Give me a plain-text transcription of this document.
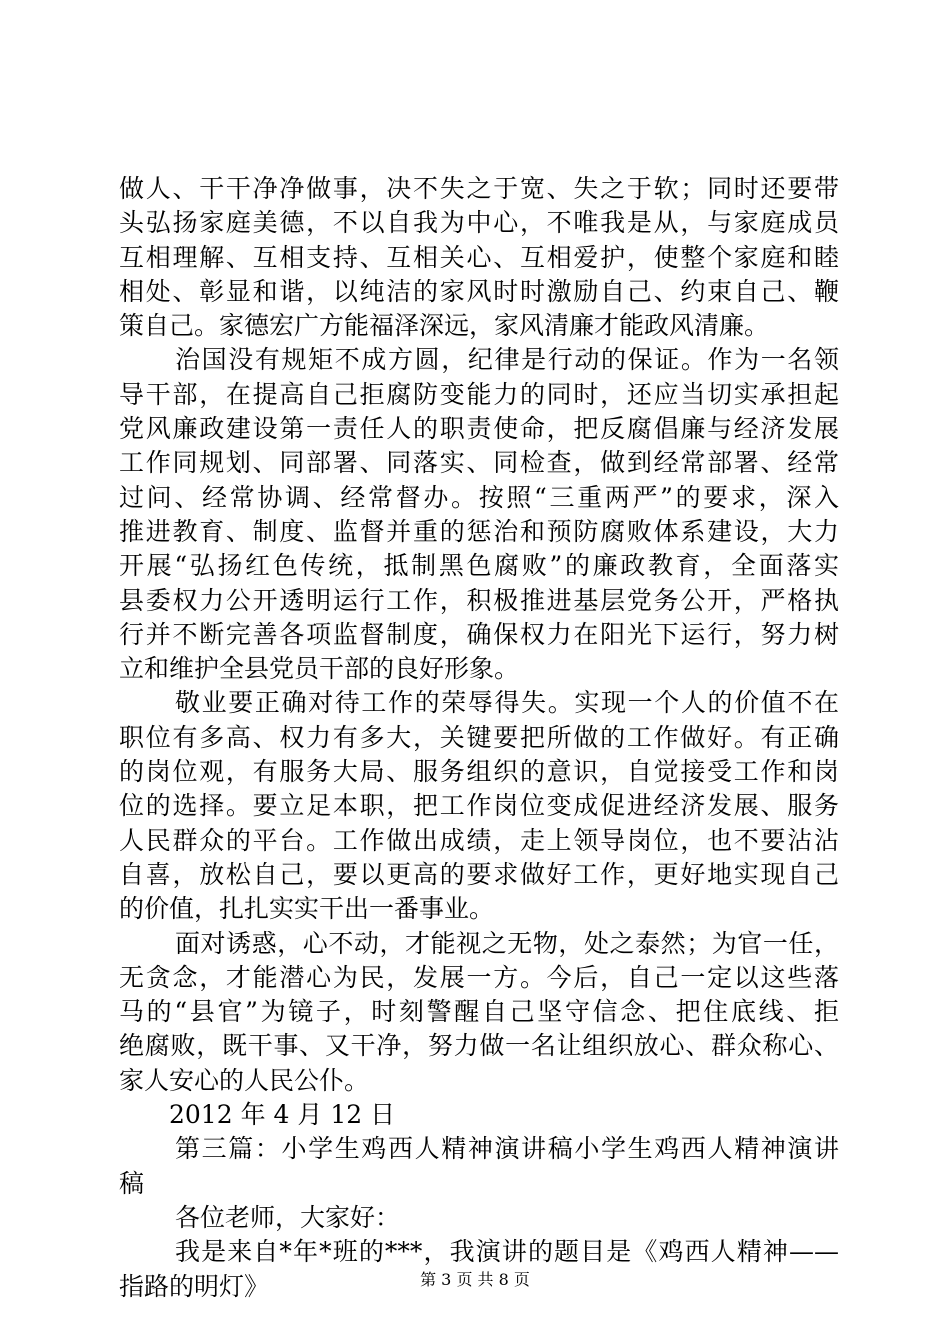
做人、干干净净做事，决不失之于宽、失之于软；同时还要带
头弘扬家庭美德，不以自我为中心，不唯我是从，与家庭成员
互相理解、互相支持、互相关心、互相爱护，使整个家庭和睦
相处、彰显和谐，以纯洁的家风时时激励自己、约束自己、鞭
策自己。家德宏广方能福泽深远，家风清廉才能政风清廉。
治国没有规矩不成方圆，纪律是行动的保证。作为一名领
导干部，在提高自己拒腐防变能力的同时，还应当切实承担起
党风廉政建设第一责任人的职责使命，把反腐倡廉与经济发展
工作同规划、同部署、同落实、同检查，做到经常部署、经常
过问、经常协调、经常督办。按照“三重两严”的要求，深入
推进教育、制度、监督并重的惩治和预防腐败体系建设，大力
开展“弘扬红色传统，抵制黑色腐败”的廉政教育，全面落实
县委权力公开透明运行工作，积极推进基层党务公开，严格执
行并不断完善各项监督制度，确保权力在阳光下运行，努力树
立和维护全县党员干部的良好形象。
敬业要正确对待工作的荣辱得失。实现一个人的价值不在
职位有多高、权力有多大，关键要把所做的工作做好。有正确
的岗位观，有服务大局、服务组织的意识，自觉接受工作和岗
位的选择。要立足本职，把工作岗位变成促进经济发展、服务
人民群众的平台。工作做出成绩，走上领导岗位，也不要沾沾
自喜，放松自己，要以更高的要求做好工作，更好地实现自己
的价值，扎扎实实干出一番事业。
面对诱惑，心不动，才能视之无物，处之泰然；为官一任，
无贪念，才能潜心为民，发展一方。今后，自己一定以这些落
马的“县官”为镜子，时刻警醒自己坚守信念、把住底线、拒
绝腐败，既干事、又干净，努力做一名让组织放心、群众称心、
家人安心的人民公仆。
2012 年 4 月 12 日
第三篇：小学生鸡西人精神演讲稿小学生鸡西人精神演讲
稿
各位老师，大家好：
我是来自*年*班的***，我演讲的题目是《鸡西人精神——
指路的明灯》	第 3 页 共 8 页
